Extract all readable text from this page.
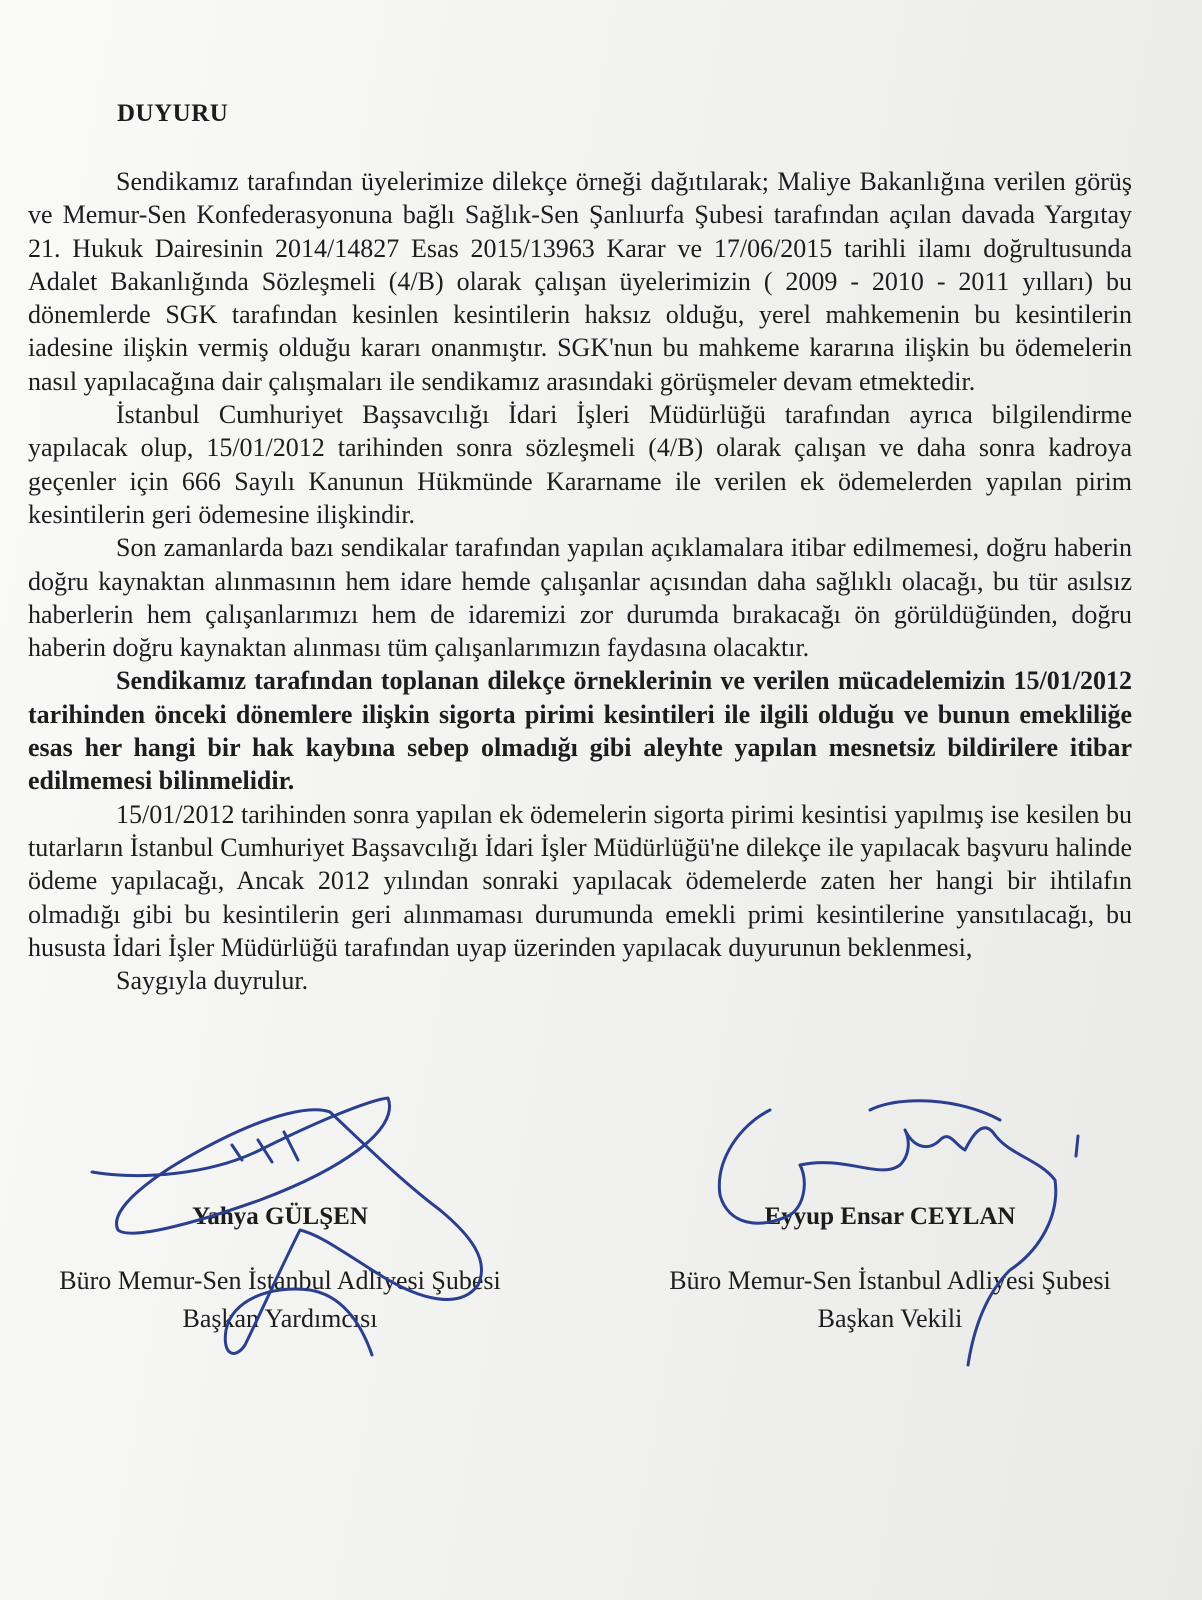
DUYURU

Sendikamız tarafından üyelerimize dilekçe örneği dağıtılarak; Maliye Bakanlığına verilen görüş ve Memur-Sen Konfederasyonuna bağlı Sağlık-Sen Şanlıurfa Şubesi tarafından açılan davada Yargıtay 21. Hukuk Dairesinin 2014/14827 Esas 2015/13963 Karar ve 17/06/2015 tarihli ilamı doğrultusunda Adalet Bakanlığında Sözleşmeli (4/B) olarak çalışan üyelerimizin ( 2009 - 2010 - 2011 yılları) bu dönemlerde SGK tarafından kesinlen kesintilerin haksız olduğu, yerel mahkemenin bu kesintilerin iadesine ilişkin vermiş olduğu kararı onanmıştır. SGK'nun bu mahkeme kararına ilişkin bu ödemelerin nasıl yapılacağına dair çalışmaları ile sendikamız arasındaki görüşmeler devam etmektedir.

İstanbul Cumhuriyet Başsavcılığı İdari İşleri Müdürlüğü tarafından ayrıca bilgilendirme yapılacak olup, 15/01/2012 tarihinden sonra sözleşmeli (4/B) olarak çalışan ve daha sonra kadroya geçenler için 666 Sayılı Kanunun Hükmünde Kararname ile verilen ek ödemelerden yapılan pirim kesintilerin geri ödemesine ilişkindir.

Son zamanlarda bazı sendikalar tarafından yapılan açıklamalara itibar edilmemesi, doğru haberin doğru kaynaktan alınmasının hem idare hemde çalışanlar açısından daha sağlıklı olacağı, bu tür asılsız haberlerin hem çalışanlarımızı hem de idaremizi zor durumda bırakacağı ön görüldüğünden, doğru haberin doğru kaynaktan alınması tüm çalışanlarımızın faydasına olacaktır.

Sendikamız tarafından toplanan dilekçe örneklerinin ve verilen mücadelemizin 15/01/2012 tarihinden önceki dönemlere ilişkin sigorta pirimi kesintileri ile ilgili olduğu ve bunun emekliliğe esas her hangi bir hak kaybına sebep olmadığı gibi aleyhte yapılan mesnetsiz bildirilere itibar edilmemesi bilinmelidir.

15/01/2012 tarihinden sonra yapılan ek ödemelerin sigorta pirimi kesintisi yapılmış ise kesilen bu tutarların İstanbul Cumhuriyet Başsavcılığı İdari İşler Müdürlüğü'ne dilekçe ile yapılacak başvuru halinde ödeme yapılacağı, Ancak 2012 yılından sonraki yapılacak ödemelerde zaten her hangi bir ihtilafın olmadığı gibi bu kesintilerin geri alınmaması durumunda emekli primi kesintilerine yansıtılacağı, bu hususta İdari İşler Müdürlüğü tarafından uyap üzerinden yapılacak duyurunun beklenmesi,

Saygıyla duyrulur.

Yahya GÜLŞEN
Büro Memur-Sen İstanbul Adliyesi Şubesi
Başkan Yardımcısı
Eyyup Ensar CEYLAN
Büro Memur-Sen İstanbul Adliyesi Şubesi
Başkan Vekili
